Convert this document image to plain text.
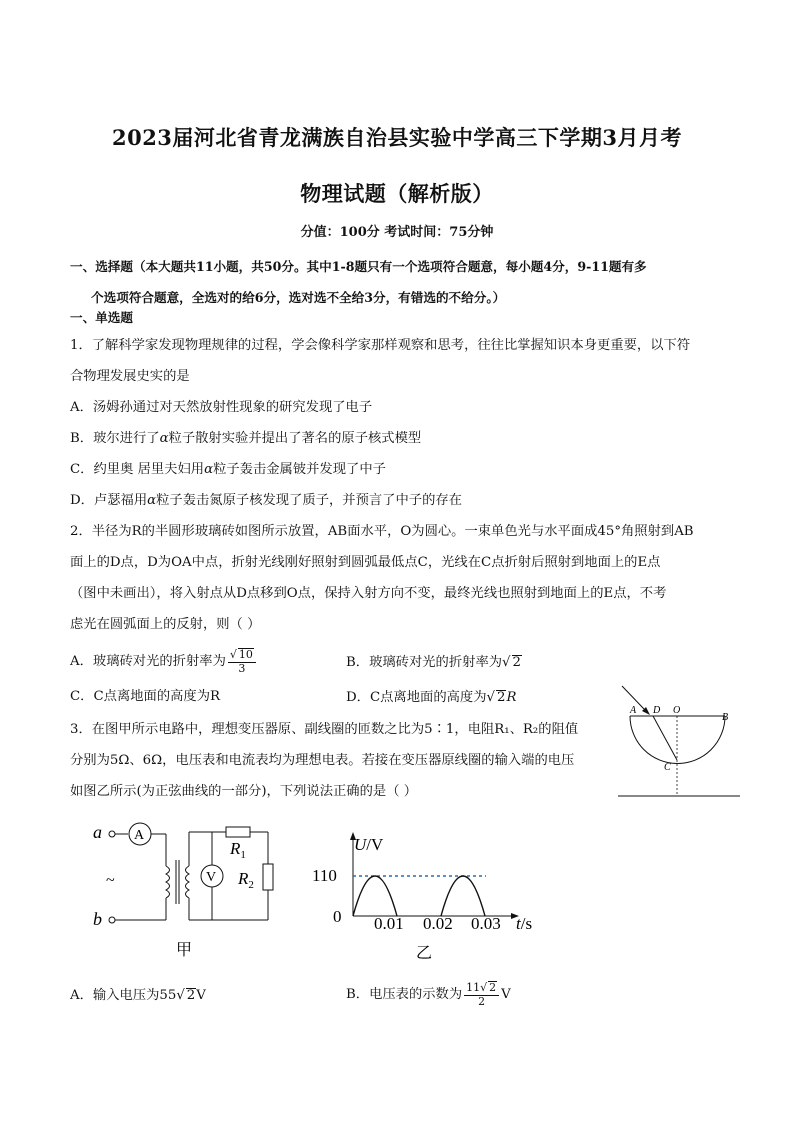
2023届河北省青龙满族自治县实验中学高三下学期3月月考
物理试题（解析版）
分值：100分 考试时间：75分钟
一、选择题（本大题共11小题，共50分。其中1-8题只有一个选项符合题意，每小题4分，9-11题有多
个选项符合题意，全选对的给6分，选对选不全给3分，有错选的不给分。）
一、单选题
1．了解科学家发现物理规律的过程，学会像科学家那样观察和思考，往往比掌握知识本身更重要，以下符
合物理发展史实的是
A．汤姆孙通过对天然放射性现象的研究发现了电子
B．玻尔进行了α粒子散射实验并提出了著名的原子核式模型
C．约里奥 居里夫妇用α粒子轰击金属铍并发现了中子
D．卢瑟福用α粒子轰击氮原子核发现了质子，并预言了中子的存在
2．半径为R的半圆形玻璃砖如图所示放置，AB面水平，O为圆心。一束单色光与水平面成45°角照射到AB
面上的D点，D为OA中点，折射光线刚好照射到圆弧最低点C，光线在C点折射后照射到地面上的E点
（图中未画出），将入射点从D点移到O点，保持入射方向不变，最终光线也照射到地面上的E点，不考
虑光在圆弧面上的反射，则（ ）
A．玻璃砖对光的折射率为 $\frac{√ 10}{3}$	B．玻璃砖对光的折射率为√ 2
C．C点离地面的高度为R	D．C点离地面的高度为√ 2R
A D O
B
C
3．在图甲所示电路中，理想变压器原、副线圈的匝数之比为5∶1，电阻R₁、R₂的阻值
分别为5Ω、6Ω，电压表和电流表均为理想电表。若接在变压器原线圈的输入端的电压
如图乙所示(为正弦曲线的一部分)，下列说法正确的是（ ）
a A
b
~	V
$R_1$
$R_2$
甲
U/V
110
0 0.01 0.02 0.03 t/s
乙
A．输入电压为55√ 2V	B．电压表的示数为 $\frac{11√ 2}{2}$ V
